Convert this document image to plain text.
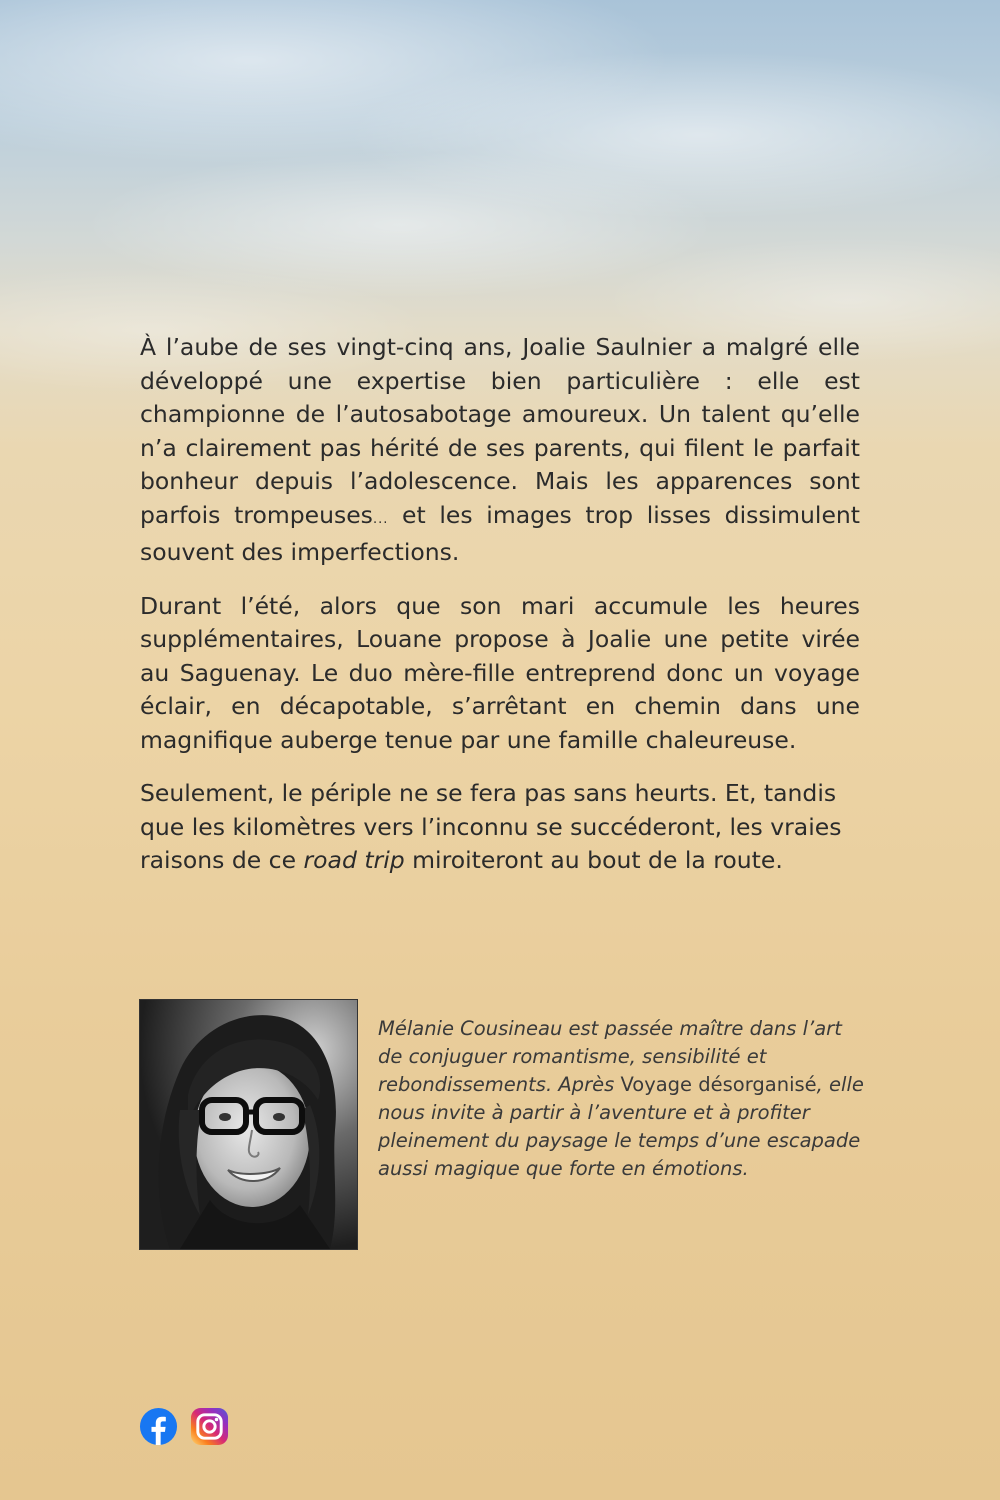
À l’aube de ses vingt-cinq ans, Joalie Saulnier a malgré elle développé une expertise bien particulière : elle est championne de l’autosabotage amoureux. Un talent qu’elle n’a clairement pas hérité de ses parents, qui filent le parfait bonheur depuis l’adolescence. Mais les apparences sont parfois trompeuses... et les images trop lisses dissimulent souvent des imperfections.

Durant l’été, alors que son mari accumule les heures supplémentaires, Louane propose à Joalie une petite virée au Saguenay. Le duo mère-fille entreprend donc un voyage éclair, en décapotable, s’arrêtant en chemin dans une magnifique auberge tenue par une famille chaleureuse.

Seulement, le périple ne se fera pas sans heurts. Et, tandis que les kilomètres vers l’inconnu se succéderont, les vraies raisons de ce road trip miroiteront au bout de la route.

Mélanie Cousineau est passée maître dans l’art de conjuguer romantisme, sensibilité et rebondissements. Après Voyage désorganisé, elle nous invite à partir à l’aventure et à profiter pleinement du paysage le temps d’une escapade aussi magique que forte en émotions.
